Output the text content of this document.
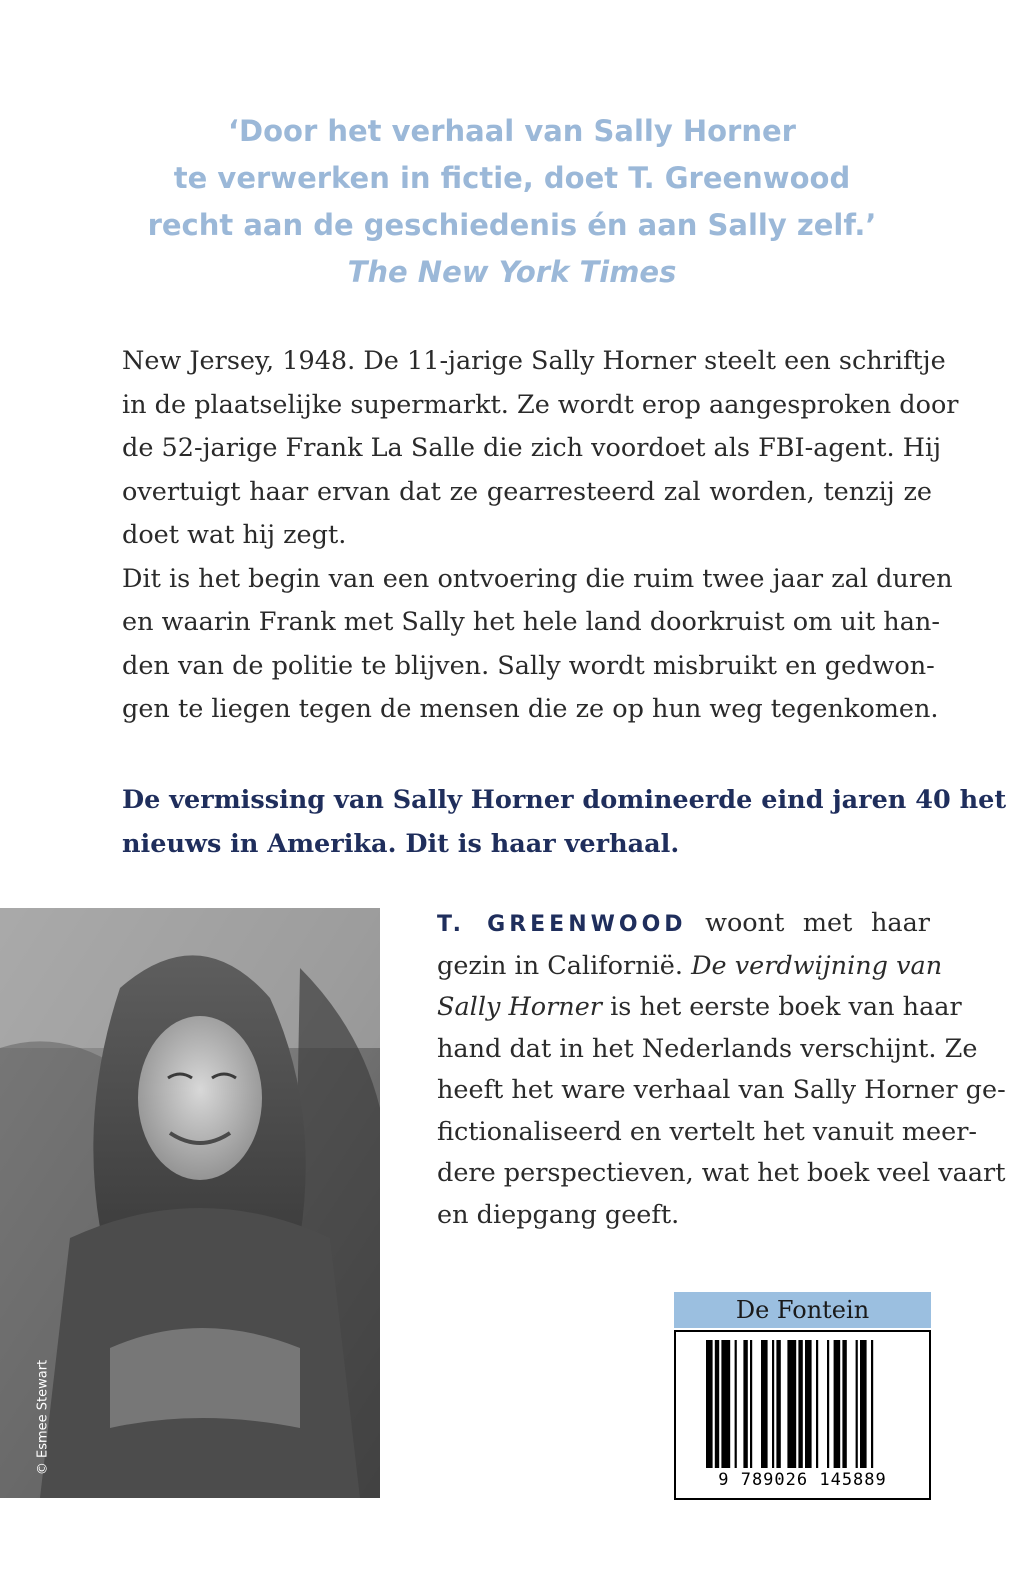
‘Door het verhaal van Sally Horner
te verwerken in fictie, doet T. Greenwood
recht aan de geschiedenis én aan Sally zelf.’
The New York Times
New Jersey, 1948. De 11-jarige Sally Horner steelt een schriftje
in de plaatselijke supermarkt. Ze wordt erop aangesproken door
de 52-jarige Frank La Salle die zich voordoet als FBI-agent. Hij
overtuigt haar ervan dat ze gearresteerd zal worden, tenzij ze
doet wat hij zegt.
Dit is het begin van een ontvoering die ruim twee jaar zal duren
en waarin Frank met Sally het hele land doorkruist om uit han-
den van de politie te blijven. Sally wordt misbruikt en gedwon-
gen te liegen tegen de mensen die ze op hun weg tegenkomen.
De vermissing van Sally Horner domineerde eind jaren 40 het
nieuws in Amerika. Dit is haar verhaal.
© Esmee Stewart
T. GREENWOOD woont met haar
gezin in Californië. De verdwijning van
Sally Horner is het eerste boek van haar
hand dat in het Nederlands verschijnt. Ze
heeft het ware verhaal van Sally Horner ge-
fictionaliseerd en vertelt het vanuit meer-
dere perspectieven, wat het boek veel vaart
en diepgang geeft.
De Fontein
9 789026 145889
